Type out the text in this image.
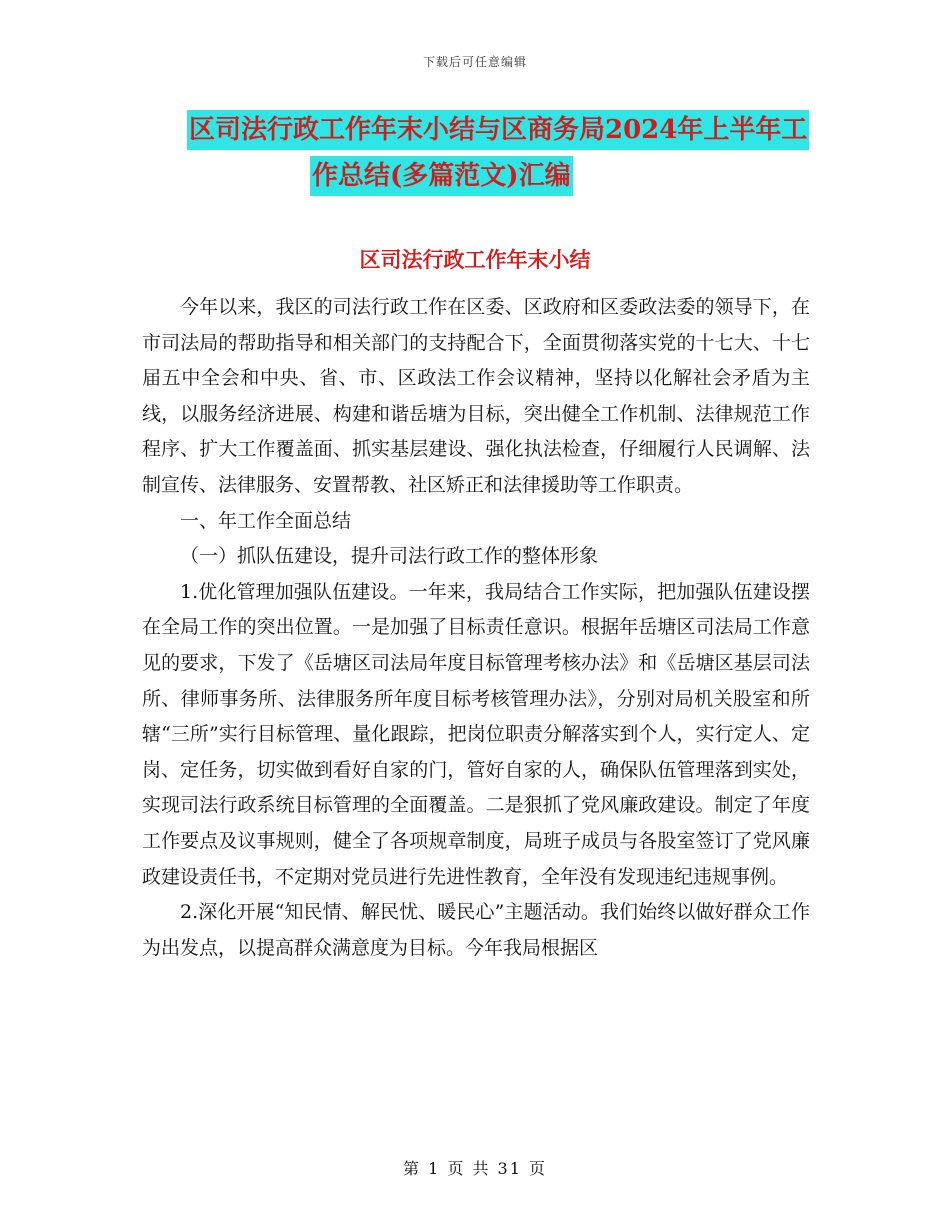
下载后可任意编辑
区司法行政工作年末小结与区商务局2024年上半年工
作总结(多篇范文)汇编
区司法行政工作年末小结

今年以来，我区的司法行政工作在区委、区政府和区委政法委的领导下，在市司法局的帮助指导和相关部门的支持配合下，全面贯彻落实党的十七大、十七届五中全会和中央、省、市、区政法工作会议精神，坚持以化解社会矛盾为主线，以服务经济进展、构建和谐岳塘为目标，突出健全工作机制、法律规范工作程序、扩大工作覆盖面、抓实基层建设、强化执法检查，仔细履行人民调解、法制宣传、法律服务、安置帮教、社区矫正和法律援助等工作职责。

一、年工作全面总结

（一）抓队伍建设，提升司法行政工作的整体形象

1.优化管理加强队伍建设。一年来，我局结合工作实际，把加强队伍建设摆在全局工作的突出位置。一是加强了目标责任意识。根据年岳塘区司法局工作意见的要求，下发了《岳塘区司法局年度目标管理考核办法》和《岳塘区基层司法所、律师事务所、法律服务所年度目标考核管理办法》，分别对局机关股室和所辖“三所”实行目标管理、量化跟踪，把岗位职责分解落实到个人，实行定人、定岗、定任务，切实做到看好自家的门，管好自家的人，确保队伍管理落到实处，实现司法行政系统目标管理的全面覆盖。二是狠抓了党风廉政建设。制定了年度工作要点及议事规则，健全了各项规章制度，局班子成员与各股室签订了党风廉政建设责任书，不定期对党员进行先进性教育，全年没有发现违纪违规事例。

2.深化开展“知民情、解民忧、暖民心”主题活动。我们始终以做好群众工作为出发点，以提高群众满意度为目标。今年我局根据区

第 1 页 共 31 页
